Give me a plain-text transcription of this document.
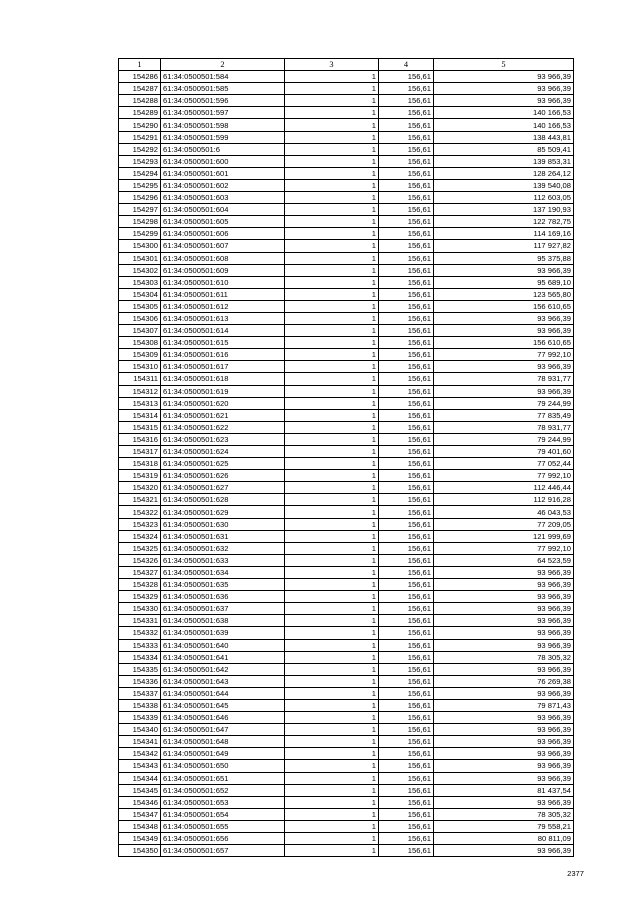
1	2	3	4	5
154286	61:34:0500501:584	1	156,61	93 966,39
154287	61:34:0500501:585	1	156,61	93 966,39
154288	61:34:0500501:596	1	156,61	93 966,39
154289	61:34:0500501:597	1	156,61	140 166,53
154290	61:34:0500501:598	1	156,61	140 166,53
154291	61:34:0500501:599	1	156,61	138 443,81
154292	61:34:0500501:6	1	156,61	85 509,41
154293	61:34:0500501:600	1	156,61	139 853,31
154294	61:34:0500501:601	1	156,61	128 264,12
154295	61:34:0500501:602	1	156,61	139 540,08
154296	61:34:0500501:603	1	156,61	112 603,05
154297	61:34:0500501:604	1	156,61	137 190,93
154298	61:34:0500501:605	1	156,61	122 782,75
154299	61:34:0500501:606	1	156,61	114 169,16
154300	61:34:0500501:607	1	156,61	117 927,82
154301	61:34:0500501:608	1	156,61	95 375,88
154302	61:34:0500501:609	1	156,61	93 966,39
154303	61:34:0500501:610	1	156,61	95 689,10
154304	61:34:0500501:611	1	156,61	123 565,80
154305	61:34:0500501:612	1	156,61	156 610,65
154306	61:34:0500501:613	1	156,61	93 966,39
154307	61:34:0500501:614	1	156,61	93 966,39
154308	61:34:0500501:615	1	156,61	156 610,65
154309	61:34:0500501:616	1	156,61	77 992,10
154310	61:34:0500501:617	1	156,61	93 966,39
154311	61:34:0500501:618	1	156,61	78 931,77
154312	61:34:0500501:619	1	156,61	93 966,39
154313	61:34:0500501:620	1	156,61	79 244,99
154314	61:34:0500501:621	1	156,61	77 835,49
154315	61:34:0500501:622	1	156,61	78 931,77
154316	61:34:0500501:623	1	156,61	79 244,99
154317	61:34:0500501:624	1	156,61	79 401,60
154318	61:34:0500501:625	1	156,61	77 052,44
154319	61:34:0500501:626	1	156,61	77 992,10
154320	61:34:0500501:627	1	156,61	112 446,44
154321	61:34:0500501:628	1	156,61	112 916,28
154322	61:34:0500501:629	1	156,61	46 043,53
154323	61:34:0500501:630	1	156,61	77 209,05
154324	61:34:0500501:631	1	156,61	121 999,69
154325	61:34:0500501:632	1	156,61	77 992,10
154326	61:34:0500501:633	1	156,61	64 523,59
154327	61:34:0500501:634	1	156,61	93 966,39
154328	61:34:0500501:635	1	156,61	93 966,39
154329	61:34:0500501:636	1	156,61	93 966,39
154330	61:34:0500501:637	1	156,61	93 966,39
154331	61:34:0500501:638	1	156,61	93 966,39
154332	61:34:0500501:639	1	156,61	93 966,39
154333	61:34:0500501:640	1	156,61	93 966,39
154334	61:34:0500501:641	1	156,61	78 305,32
154335	61:34:0500501:642	1	156,61	93 966,39
154336	61:34:0500501:643	1	156,61	76 269,38
154337	61:34:0500501:644	1	156,61	93 966,39
154338	61:34:0500501:645	1	156,61	79 871,43
154339	61:34:0500501:646	1	156,61	93 966,39
154340	61:34:0500501:647	1	156,61	93 966,39
154341	61:34:0500501:648	1	156,61	93 966,39
154342	61:34:0500501:649	1	156,61	93 966,39
154343	61:34:0500501:650	1	156,61	93 966,39
154344	61:34:0500501:651	1	156,61	93 966,39
154345	61:34:0500501:652	1	156,61	81 437,54
154346	61:34:0500501:653	1	156,61	93 966,39
154347	61:34:0500501:654	1	156,61	78 305,32
154348	61:34:0500501:655	1	156,61	79 558,21
154349	61:34:0500501:656	1	156,61	80 811,09
154350	61:34:0500501:657	1	156,61	93 966,39
2377
